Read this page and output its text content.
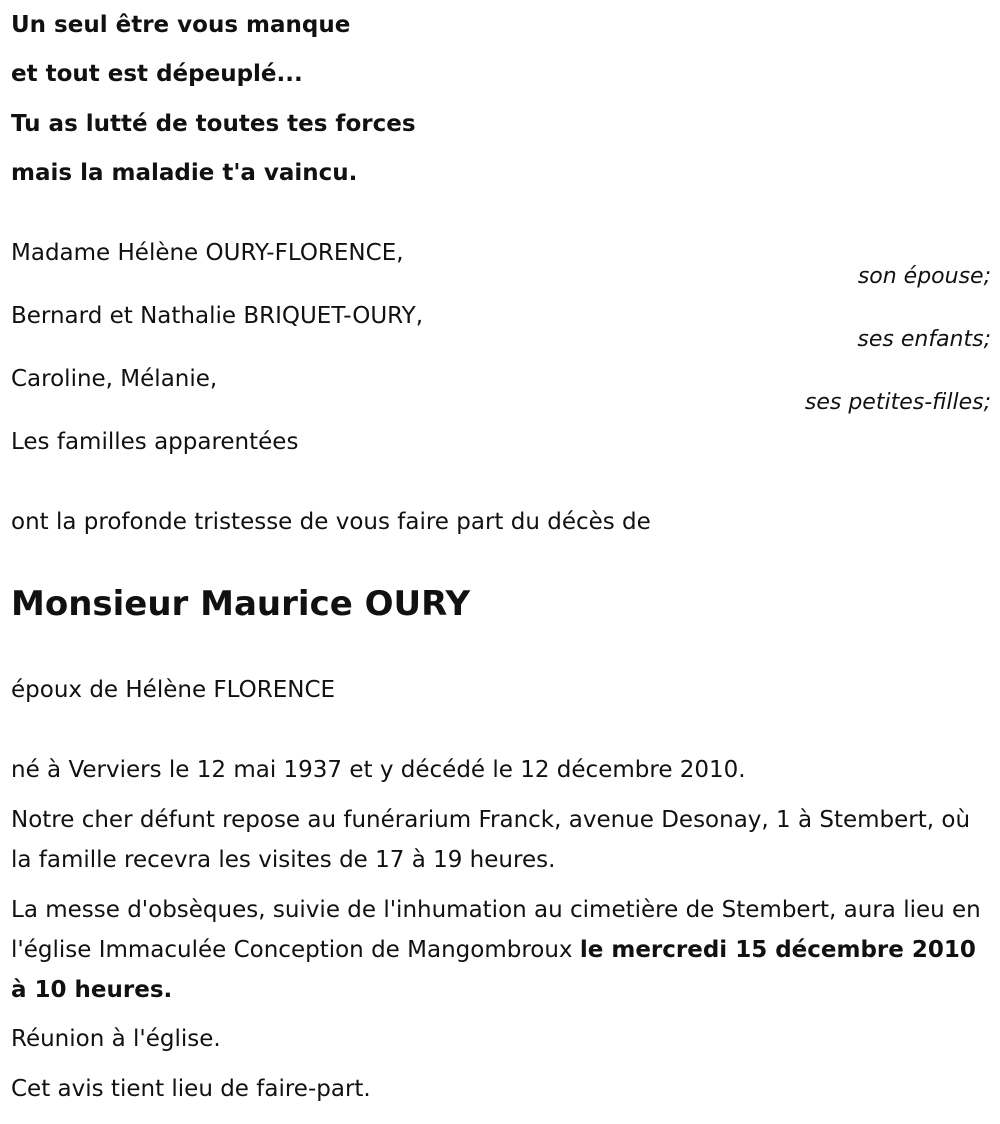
Un seul être vous manque
et tout est dépeuplé...
Tu as lutté de toutes tes forces
mais la maladie t'a vaincu.
Madame Hélène OURY-FLORENCE,
son épouse;
Bernard et Nathalie BRIQUET-OURY,
ses enfants;
Caroline, Mélanie,
ses petites-filles;
Les familles apparentées
ont la profonde tristesse de vous faire part du décès de
Monsieur Maurice OURY
époux de Hélène FLORENCE
né à Verviers le 12 mai 1937 et y décédé le 12 décembre 2010.
Notre cher défunt repose au funérarium Franck, avenue Desonay, 1 à Stembert, où la famille recevra les visites de 17 à 19 heures.
La messe d'obsèques, suivie de l'inhumation au cimetière de Stembert, aura lieu en l'église Immaculée Conception de Mangombroux le mercredi 15 décembre 2010 à 10 heures.
Réunion à l'église.
Cet avis tient lieu de faire-part.
